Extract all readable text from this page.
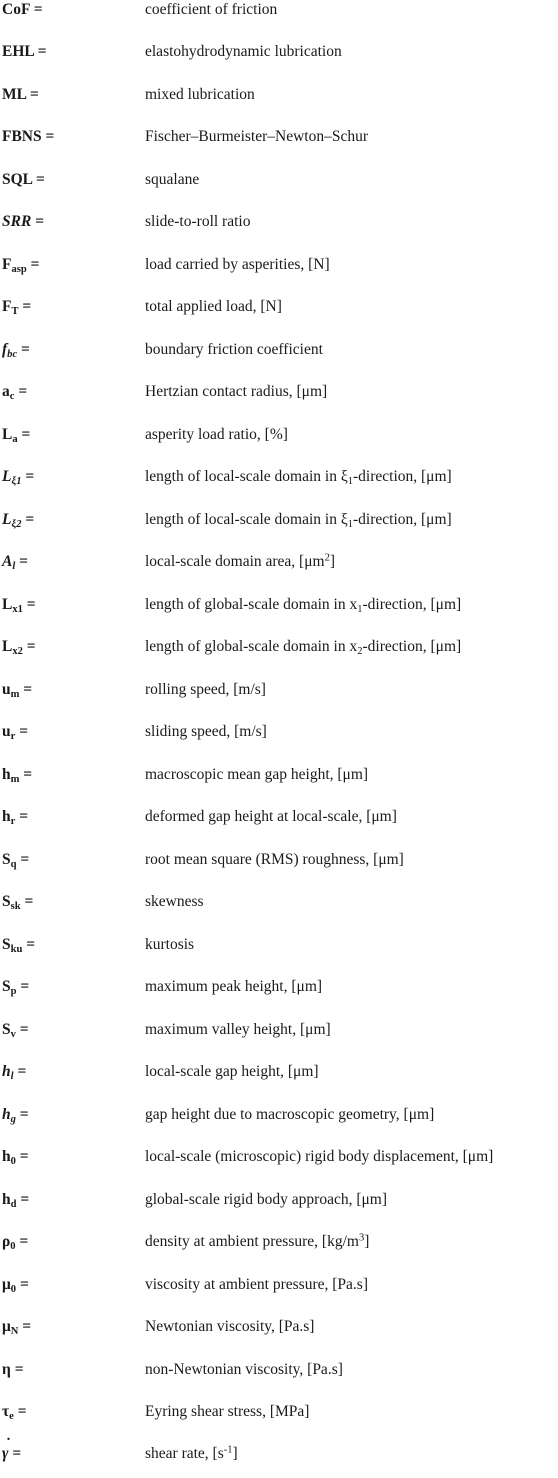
CoF =	coefficient of friction
EHL =	elastohydrodynamic lubrication
ML =	mixed lubrication
FBNS =	Fischer–Burmeister–Newton–Schur
SQL =	squalane
SRR =	slide-to-roll ratio
$F_{asp}$ =	load carried by asperities, [N]
$F_T$ =	total applied load, [N]
$f_{bc}$ =	boundary friction coefficient
$a_c$ =	Hertzian contact radius, [μm]
$L_a$ =	asperity load ratio, [%]
$L_{\xi 1}$ =	length of local-scale domain in $\xi_1$-direction, [μm]
$L_{\xi 2}$ =	length of local-scale domain in $\xi_1$-direction, [μm]
$A_l$ =	local-scale domain area, $[\mu m^2]$
$L_{x1}$ =	length of global-scale domain in $x_1$-direction, [μm]
$L_{x2}$ =	length of global-scale domain in $x_2$-direction, [μm]
$u_m$ =	rolling speed, [m/s]
$u_r$ =	sliding speed, [m/s]
$h_m$ =	macroscopic mean gap height, [μm]
$h_r$ =	deformed gap height at local-scale, [μm]
$S_q$ =	root mean square (RMS) roughness, [μm]
$S_{sk}$ =	skewness
$S_{ku}$ =	kurtosis
$S_p$ =	maximum peak height, [μm]
$S_v$ =	maximum valley height, [μm]
$h_l$ =	local-scale gap height, [μm]
$h_g$ =	gap height due to macroscopic geometry, [μm]
$h_0$ =	local-scale (microscopic) rigid body displacement, [μm]
$h_d$ =	global-scale rigid body approach, [μm]
$\rho_0$ =	density at ambient pressure, $[kg/m^3]$
$\mu_0$ =	viscosity at ambient pressure, [Pa.s]
$\mu_N$ =	Newtonian viscosity, [Pa.s]
η =	non-Newtonian viscosity, [Pa.s]
$\tau_e$ =	Eyring shear stress, [MPa]
˙ γ =	shear rate, $[s^{-1}]$
